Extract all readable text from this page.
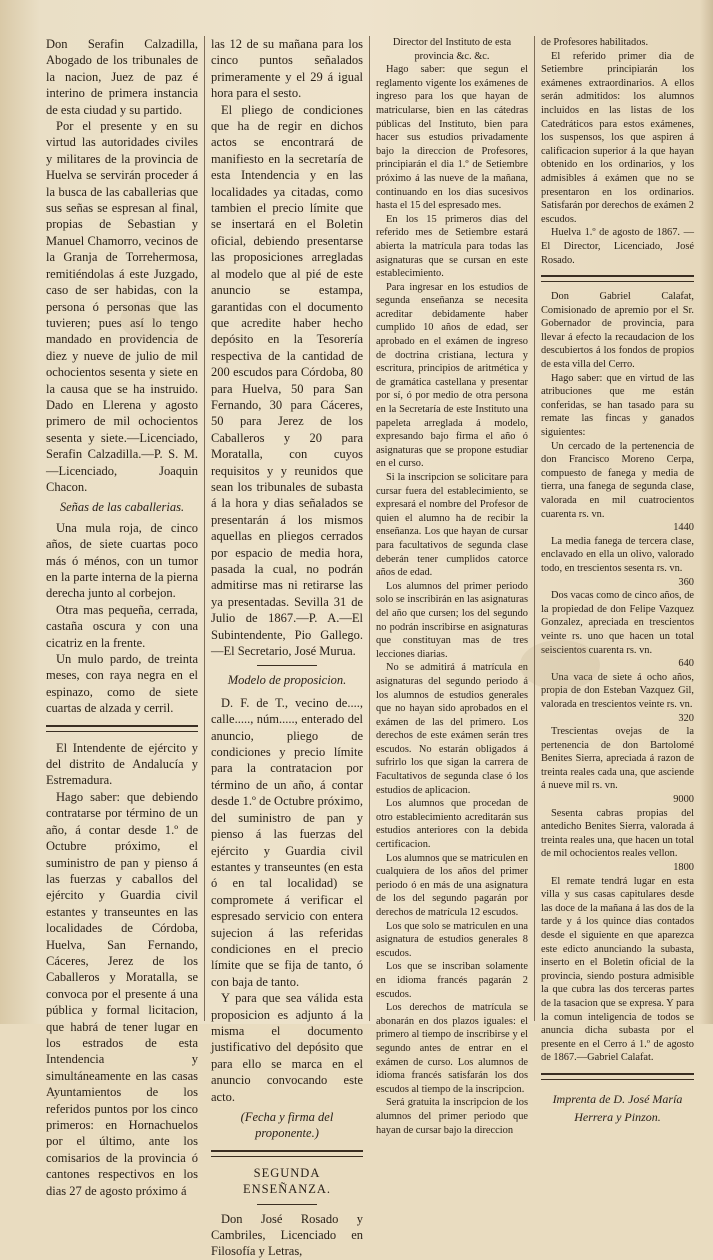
Don Serafin Calzadilla, Abogado de los tribunales de la nacion, Juez de paz é interino de primera instancia de esta ciudad y su partido.

Por el presente y en su virtud las autoridades civiles y militares de la provincia de Huelva se servirán proceder á la busca de las caballerias que sus señas se espresan al final, propias de Sebastian y Manuel Chamorro, vecinos de la Granja de Torrehermosa, remitiéndolas á este Juzgado, caso de ser habidas, con la persona ó personas que las tuvieren; pues así lo tengo mandado en providencia de diez y nueve de julio de mil ochocientos sesenta y siete en la causa que se ha instruido. Dado en Llerena y agosto primero de mil ochocientos sesenta y siete.—Licenciado, Serafin Calzadilla.—P. S. M. —Licenciado, Joaquin Chacon.

Señas de las caballerias.

Una mula roja, de cinco años, de siete cuartas poco más ó ménos, con un tumor en la parte interna de la pierna derecha junto al corbejon.

Otra mas pequeña, cerrada, castaña oscura y con una cicatriz en la frente.

Un mulo pardo, de treinta meses, con raya negra en el espinazo, como de siete cuartas de alzada y cerril.

El Intendente de ejército y del distrito de Andalucía y Estremadura.

Hago saber: que debiendo contratarse por término de un año, á contar desde 1.º de Octubre próximo, el suministro de pan y pienso á las fuerzas y caballos del ejército y Guardia civil estantes y transeuntes en las localidades de Córdoba, Huelva, San Fernando, Cáceres, Jerez de los Caballeros y Moratalla, se convoca por el presente á una pública y formal licitacion, que habrá de tener lugar en los estrados de esta Intendencia y simultáneamente en las casas Ayuntamientos de los referidos puntos por los cinco primeros: en Hornachuelos por el último, ante los comisarios de la provincia ó cantones respectivos en los dias 27 de agosto próximo á

las 12 de su mañana para los cinco puntos señalados primeramente y el 29 á igual hora para el sesto.

El pliego de condiciones que ha de regir en dichos actos se encontrará de manifiesto en la secretaría de esta Intendencia y en las localidades ya citadas, como tambien el precio límite que se insertará en el Boletin oficial, debiendo presentarse las proposiciones arregladas al modelo que al pié de este anuncio se estampa, garantidas con el documento que acredite haber hecho depósito en la Tesorería respectiva de la cantidad de 200 escudos para Córdoba, 80 para Huelva, 50 para San Fernando, 30 para Cáceres, 50 para Jerez de los Caballeros y 20 para Moratalla, con cuyos requisitos y y reunidos que sean los tribunales de subasta á la hora y dias señalados se presentarán á los mismos aquellas en pliegos cerrados por espacio de media hora, pasada la cual, no podrán admitirse mas ni retirarse las ya presentadas. Sevilla 31 de Julio de 1867.—P. A.—El Subintendente, Pio Gallego.—El Secretario, José Murua.

Modelo de proposicion.

D. F. de T., vecino de...., calle....., núm....., enterado del anuncio, pliego de condiciones y precio límite para la contratacion por término de un año, á contar desde 1.º de Octubre próximo, del suministro de pan y pienso á las fuerzas del ejército y Guardia civil estantes y transeuntes (en esta ó en tal localidad) se compromete á verificar el espresado servicio con entera sujecion á las referidas condiciones en el precio límite que se fija de tanto, ó con baja de tanto.

Y para que sea válida esta proposicion es adjunto á la misma el documento justificativo del depósito que para ello se marca en el anuncio convocando este acto.

(Fecha y firma del proponente.)

SEGUNDA ENSEÑANZA.

Don José Rosado y Cambriles, Licenciado en Filosofía y Letras,

Director del Instituto de esta provincia &c. &c.

Hago saber: que segun el reglamento vigente los exámenes de ingreso para los que hayan de matricularse, bien en las cátedras públicas del Instituto, bien para hacer sus estudios privadamente bajo la direccion de Profesores, principiarán el dia 1.º de Setiembre próximo á las nueve de la mañana, continuando en los dias sucesivos hasta el 15 del espresado mes.

En los 15 primeros dias del referido mes de Setiembre estará abierta la matrícula para todas las asignaturas que se cursan en este establecimiento.

Para ingresar en los estudios de segunda enseñanza se necesita acreditar debidamente haber cumplido 10 años de edad, ser aprobado en el exámen de ingreso de doctrina cristiana, lectura y escritura, principios de aritmética y de gramática castellana y presentar por sí, ó por medio de otra persona en la Secretaría de este Instituto una papeleta arreglada á modelo, expresando bajo firma el año ó asignaturas que se propone estudiar en el curso.

Si la inscripcion se solicitare para cursar fuera del establecimiento, se expresará el nombre del Profesor de quien el alumno ha de recibir la enseñanza. Los que hayan de cursar para facultativos de segunda clase deberán tener cumplidos catorce años de edad.

Los alumnos del primer periodo solo se inscribirán en las asignaturas del año que cursen; los del segundo no podrán inscribirse en asignaturas que constituyan mas de tres lecciones diarias.

No se admitirá á matrícula en asignaturas del segundo periodo á los alumnos de estudios generales que no hayan sido aprobados en el exámen de las del primero. Los derechos de este exámen serán tres escudos. No estarán obligados á sufrirlo los que sigan la carrera de Facultativos de segunda clase ó los estudios de aplicacion.

Los alumnos que procedan de otro establecimiento acreditarán sus estudios anteriores con la debida certificacion.

Los alumnos que se matriculen en cualquiera de los años del primer periodo ó en más de una asignatura de los del segundo pagarán por derechos de matrícula 12 escudos.

Los que solo se matriculen en una asignatura de estudios generales 8 escudos.

Los que se inscriban solamente en idioma francés pagarán 2 escudos.

Los derechos de matrícula se abonarán en dos plazos iguales: el primero al tiempo de inscribirse y el segundo antes de entrar en el exámen de curso. Los alumnos de idioma francés satisfarán los dos escudos al tiempo de la inscripcion.

Será gratuita la inscripcion de los alumnos del primer periodo que hayan de cursar bajo la direccion

de Profesores habilitados.

El referido primer dia de Setiembre principiarán los exámenes extraordinarios. A ellos serán admitidos: los alumnos incluidos en las listas de los Catedráticos para estos exámenes, los suspensos, los que aspiren á calificacion superior á la que hayan obtenido en los ordinarios, y los admisibles á exámen que no se presentaron en los ordinarios. Satisfarán por derechos de exámen 2 escudos.

Huelva 1.º de agosto de 1867. —El Director, Licenciado, José Rosado.

Don Gabriel Calafat, Comisionado de apremio por el Sr. Gobernador de provincia, para llevar á efecto la recaudacion de los descubiertos á los fondos de propios de esta villa del Cerro.

Hago saber: que en virtud de las atribuciones que me están conferidas, se han tasado para su remate las fincas y ganados siguientes:

Un cercado de la pertenencia de don Francisco Moreno Cerpa, compuesto de fanega y media de tierra, una fanega de segunda clase, valorada en mil cuatrocientos cuarenta rs. vn.

1440

La media fanega de tercera clase, enclavado en ella un olivo, valorado todo, en trescientos sesenta rs. vn.

360

Dos vacas como de cinco años, de la propiedad de don Felipe Vazquez Gonzalez, apreciada en trescientos veinte rs. uno que hacen un total seiscientos cuarenta rs. vn.

640

Una vaca de siete á ocho años, propia de don Esteban Vazquez Gil, valorada en trescientos veinte rs. vn.

320

Trescientas ovejas de la pertenencia de don Bartolomé Benites Sierra, apreciada á razon de treinta reales cada una, que asciende á nueve mil rs. vn.

9000

Sesenta cabras propias del antedicho Benites Sierra, valorada á treinta reales una, que hacen un total de mil ochocientos reales vellon.

1800

El remate tendrá lugar en esta villa y sus casas capitulares desde las doce de la mañana á las dos de la tarde y á los quince dias contados desde el siguiente en que aparezca este edicto anunciando la subasta, inserto en el Boletin oficial de la provincia, siendo postura admisible la que cubra las dos terceras partes de la tasacion que se expresa. Y para la comun inteligencia de todos se anuncia dicha subasta por el presente en el Cerro á 1.º de agosto de 1867.—Gabriel Calafat.

Imprenta de D. José María
Herrera y Pinzon.
